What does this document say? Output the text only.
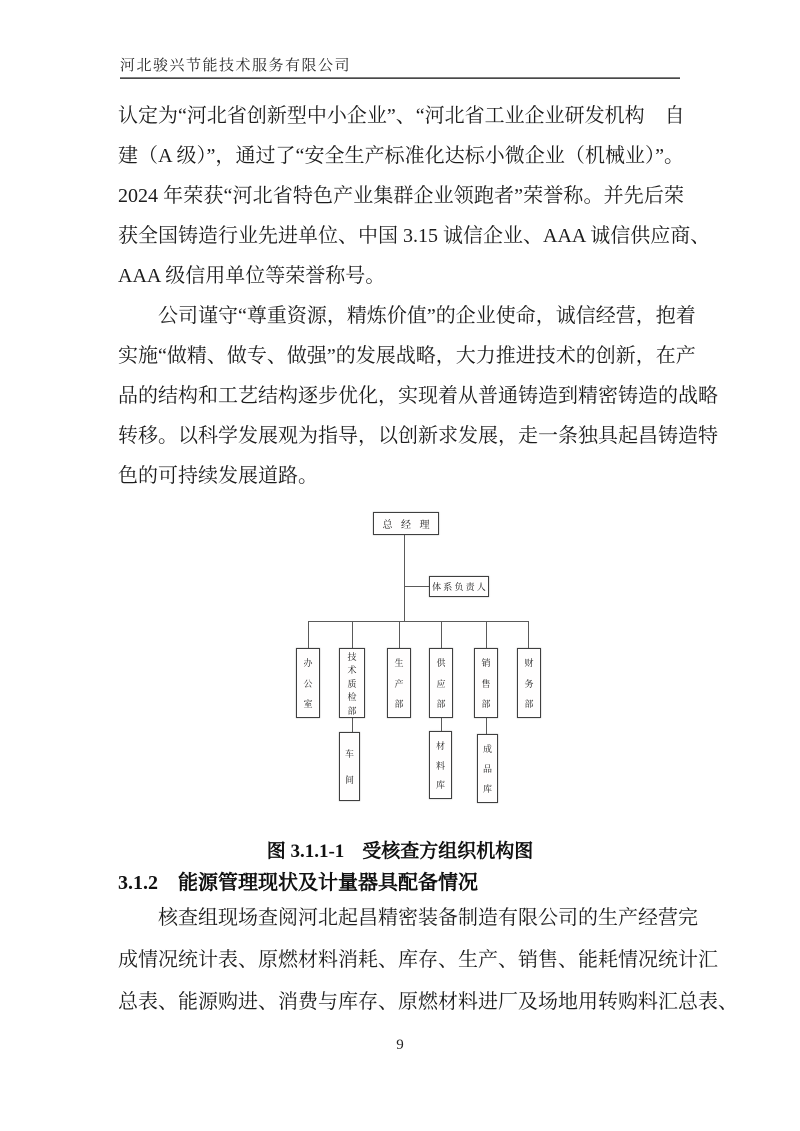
河北骏兴节能技术服务有限公司
认定为“河北省创新型中小企业”、“河北省工业企业研发机构　自
建（A 级）”，通过了“安全生产标准化达标小微企业（机械业）”。
2024 年荣获“河北省特色产业集群企业领跑者”荣誉称。并先后荣
获全国铸造行业先进单位、中国 3.15 诚信企业、AAA 诚信供应商、
AAA 级信用单位等荣誉称号。
　　公司谨守“尊重资源，精炼价值”的企业使命，诚信经营，抱着
实施“做精、做专、做强”的发展战略，大力推进技术的创新，在产
品的结构和工艺结构逐步优化，实现着从普通铸造到精密铸造的战略
转移。以科学发展观为指导，以创新求发展，走一条独具起昌铸造特
色的可持续发展道路。
总 经 理
体 系 负 责 人
办
公
室
技
术
质
检
部
生
产
部
供
应
部
销
售
部
财
务
部
车
间
材
料
库
成
品
库
图 3.1.1-1 受核查方组织机构图
3.1.2 能源管理现状及计量器具配备情况
　　核查组现场查阅河北起昌精密装备制造有限公司的生产经营完
成情况统计表、原燃材料消耗、库存、生产、销售、能耗情况统计汇
总表、能源购进、消费与库存、原燃材料进厂及场地用转购料汇总表、
9
